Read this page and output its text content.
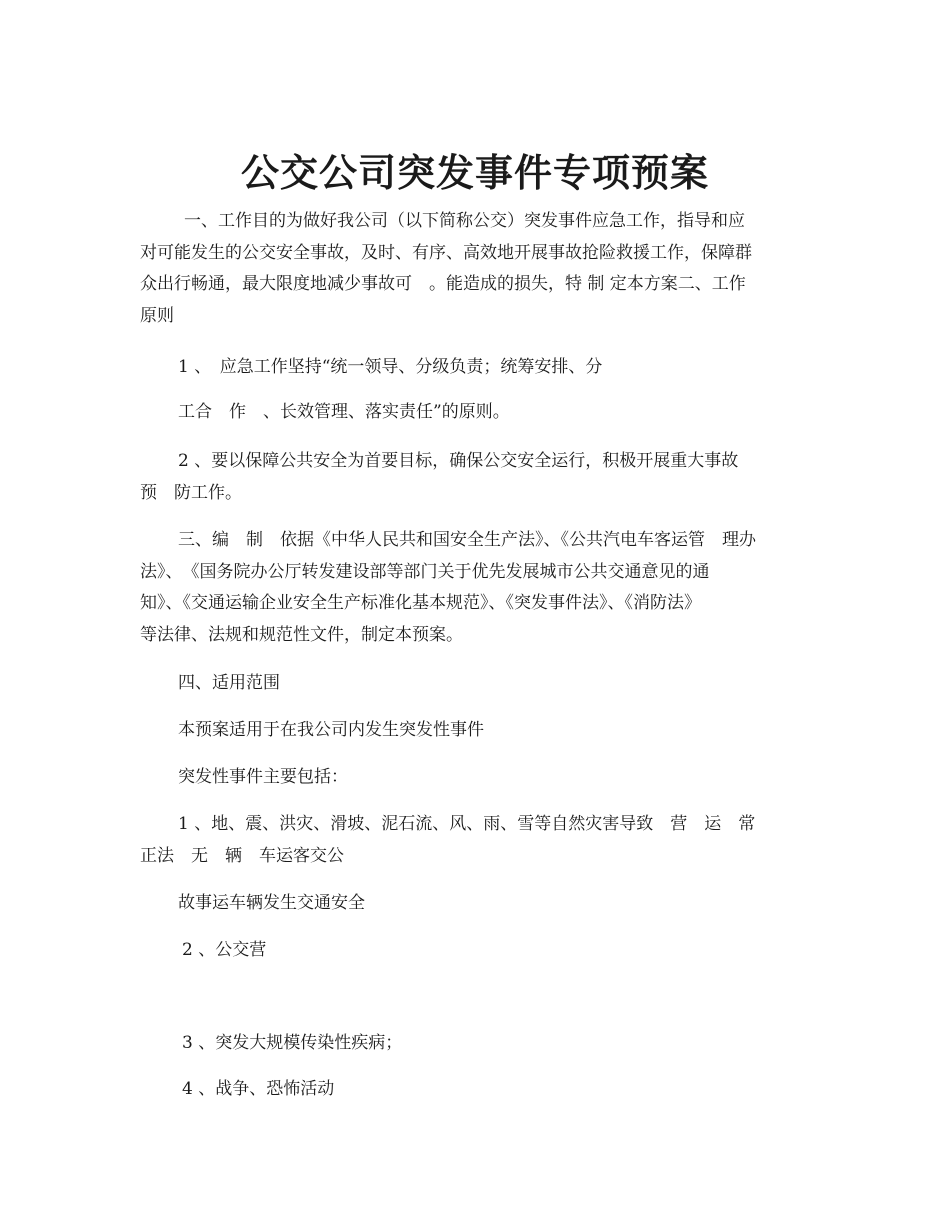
公交公司突发事件专项预案
一、工作目的为做好我公司（以下简称公交）突发事件应急工作，指导和应
对可能发生的公交安全事故，及时、有序、高效地开展事故抢险救援工作，保障群
众出行畅通，最大限度地减少事故可　。能造成的损失，特 制 定本方案二、工作
原则

1 、　应急工作坚持“统一领导、分级负责；统筹安排、分

工合　作　、长效管理、落实责任”的原则。

2 、要以保障公共安全为首要目标，确保公交安全运行，积极开展重大事故
预　防工作。
三、编　制　依据《中华人民共和国安全生产法》、《公共汽电车客运管　理办
法》、　《国务院办公厅转发建设部等部门关于优先发展城市公共交通意见的通
知》、《交通运输企业安全生产标准化基本规范》、《突发事件法》、《消防法》
等法律、法规和规范性文件，制定本预案。

四、适用范围

本预案适用于在我公司内发生突发性事件

突发性事件主要包括：

1 、地、震、洪灾、滑坡、泥石流、风、雨、雪等自然灾害导致　营　运　常
正法　无　辆　车运客交公

故事运车辆发生交通安全

2 、公交营

3 、突发大规模传染性疾病；

4 、战争、恐怖活动
